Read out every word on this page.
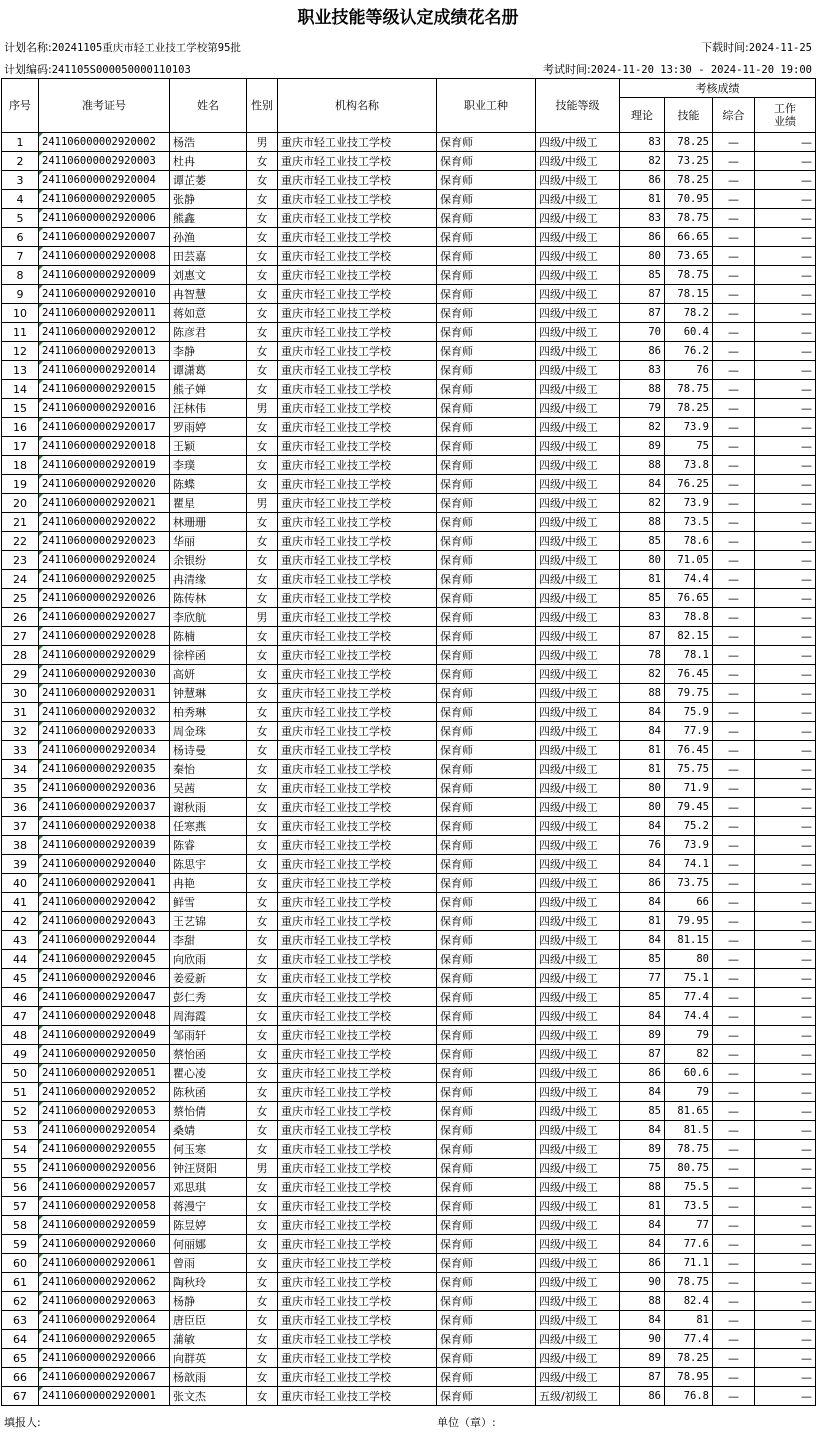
职业技能等级认定成绩花名册
计划名称:20241105重庆市轻工业技工学校第95批	下载时间:2024-11-25
计划编码:241105S000050000110103	考试时间:2024-11-20 13:30 - 2024-11-20 19:00
序号	准考证号	姓名	性别	机构名称	职业工种	技能等级	考核成绩			
							理论	技能	综合	工作
业绩
1	241106000002920002	杨浩	男	重庆市轻工业技工学校	保育师	四级/中级工	83	78.25	—	—
2	241106000002920003	杜冉	女	重庆市轻工业技工学校	保育师	四级/中级工	82	73.25	—	—
3	241106000002920004	谭芷萎	女	重庆市轻工业技工学校	保育师	四级/中级工	86	78.25	—	—
4	241106000002920005	张静	女	重庆市轻工业技工学校	保育师	四级/中级工	81	70.95	—	—
5	241106000002920006	熊鑫	女	重庆市轻工业技工学校	保育师	四级/中级工	83	78.75	—	—
6	241106000002920007	孙渔	女	重庆市轻工业技工学校	保育师	四级/中级工	86	66.65	—	—
7	241106000002920008	田芸嘉	女	重庆市轻工业技工学校	保育师	四级/中级工	80	73.65	—	—
8	241106000002920009	刘惠文	女	重庆市轻工业技工学校	保育师	四级/中级工	85	78.75	—	—
9	241106000002920010	冉智慧	女	重庆市轻工业技工学校	保育师	四级/中级工	87	78.15	—	—
10	241106000002920011	蒋如意	女	重庆市轻工业技工学校	保育师	四级/中级工	87	78.2	—	—
11	241106000002920012	陈彦君	女	重庆市轻工业技工学校	保育师	四级/中级工	70	60.4	—	—
12	241106000002920013	李静	女	重庆市轻工业技工学校	保育师	四级/中级工	86	76.2	—	—
13	241106000002920014	谭潇葛	女	重庆市轻工业技工学校	保育师	四级/中级工	83	76	—	—
14	241106000002920015	熊子婵	女	重庆市轻工业技工学校	保育师	四级/中级工	88	78.75	—	—
15	241106000002920016	汪林伟	男	重庆市轻工业技工学校	保育师	四级/中级工	79	78.25	—	—
16	241106000002920017	罗雨婷	女	重庆市轻工业技工学校	保育师	四级/中级工	82	73.9	—	—
17	241106000002920018	王颖	女	重庆市轻工业技工学校	保育师	四级/中级工	89	75	—	—
18	241106000002920019	李璞	女	重庆市轻工业技工学校	保育师	四级/中级工	88	73.8	—	—
19	241106000002920020	陈蝶	女	重庆市轻工业技工学校	保育师	四级/中级工	84	76.25	—	—
20	241106000002920021	瞿星	男	重庆市轻工业技工学校	保育师	四级/中级工	82	73.9	—	—
21	241106000002920022	林珊珊	女	重庆市轻工业技工学校	保育师	四级/中级工	88	73.5	—	—
22	241106000002920023	华丽	女	重庆市轻工业技工学校	保育师	四级/中级工	85	78.6	—	—
23	241106000002920024	余银纷	女	重庆市轻工业技工学校	保育师	四级/中级工	80	71.05	—	—
24	241106000002920025	冉清缘	女	重庆市轻工业技工学校	保育师	四级/中级工	81	74.4	—	—
25	241106000002920026	陈传林	女	重庆市轻工业技工学校	保育师	四级/中级工	85	76.65	—	—
26	241106000002920027	李欣航	男	重庆市轻工业技工学校	保育师	四级/中级工	83	78.8	—	—
27	241106000002920028	陈楠	女	重庆市轻工业技工学校	保育师	四级/中级工	87	82.15	—	—
28	241106000002920029	徐梓函	女	重庆市轻工业技工学校	保育师	四级/中级工	78	78.1	—	—
29	241106000002920030	高妍	女	重庆市轻工业技工学校	保育师	四级/中级工	82	76.45	—	—
30	241106000002920031	钟慧琳	女	重庆市轻工业技工学校	保育师	四级/中级工	88	79.75	—	—
31	241106000002920032	柏秀琳	女	重庆市轻工业技工学校	保育师	四级/中级工	84	75.9	—	—
32	241106000002920033	周金珠	女	重庆市轻工业技工学校	保育师	四级/中级工	84	77.9	—	—
33	241106000002920034	杨诗曼	女	重庆市轻工业技工学校	保育师	四级/中级工	81	76.45	—	—
34	241106000002920035	秦怡	女	重庆市轻工业技工学校	保育师	四级/中级工	81	75.75	—	—
35	241106000002920036	吴茜	女	重庆市轻工业技工学校	保育师	四级/中级工	80	71.9	—	—
36	241106000002920037	谢秋雨	女	重庆市轻工业技工学校	保育师	四级/中级工	80	79.45	—	—
37	241106000002920038	任寒燕	女	重庆市轻工业技工学校	保育师	四级/中级工	84	75.2	—	—
38	241106000002920039	陈睿	女	重庆市轻工业技工学校	保育师	四级/中级工	76	73.9	—	—
39	241106000002920040	陈思宇	女	重庆市轻工业技工学校	保育师	四级/中级工	84	74.1	—	—
40	241106000002920041	冉艳	女	重庆市轻工业技工学校	保育师	四级/中级工	86	73.75	—	—
41	241106000002920042	鲜雪	女	重庆市轻工业技工学校	保育师	四级/中级工	84	66	—	—
42	241106000002920043	王艺锦	女	重庆市轻工业技工学校	保育师	四级/中级工	81	79.95	—	—
43	241106000002920044	李甜	女	重庆市轻工业技工学校	保育师	四级/中级工	84	81.15	—	—
44	241106000002920045	向欣雨	女	重庆市轻工业技工学校	保育师	四级/中级工	85	80	—	—
45	241106000002920046	姜爱新	女	重庆市轻工业技工学校	保育师	四级/中级工	77	75.1	—	—
46	241106000002920047	彭仁秀	女	重庆市轻工业技工学校	保育师	四级/中级工	85	77.4	—	—
47	241106000002920048	周海霞	女	重庆市轻工业技工学校	保育师	四级/中级工	84	74.4	—	—
48	241106000002920049	邹雨轩	女	重庆市轻工业技工学校	保育师	四级/中级工	89	79	—	—
49	241106000002920050	蔡怡函	女	重庆市轻工业技工学校	保育师	四级/中级工	87	82	—	—
50	241106000002920051	瞿心凌	女	重庆市轻工业技工学校	保育师	四级/中级工	86	60.6	—	—
51	241106000002920052	陈秋函	女	重庆市轻工业技工学校	保育师	四级/中级工	84	79	—	—
52	241106000002920053	蔡怡倩	女	重庆市轻工业技工学校	保育师	四级/中级工	85	81.65	—	—
53	241106000002920054	桑婧	女	重庆市轻工业技工学校	保育师	四级/中级工	84	81.5	—	—
54	241106000002920055	何玉寒	女	重庆市轻工业技工学校	保育师	四级/中级工	89	78.75	—	—
55	241106000002920056	钟汪贤阳	男	重庆市轻工业技工学校	保育师	四级/中级工	75	80.75	—	—
56	241106000002920057	邓思琪	女	重庆市轻工业技工学校	保育师	四级/中级工	88	75.5	—	—
57	241106000002920058	蒋漫宁	女	重庆市轻工业技工学校	保育师	四级/中级工	81	73.5	—	—
58	241106000002920059	陈昱婷	女	重庆市轻工业技工学校	保育师	四级/中级工	84	77	—	—
59	241106000002920060	何丽娜	女	重庆市轻工业技工学校	保育师	四级/中级工	84	77.6	—	—
60	241106000002920061	曾雨	女	重庆市轻工业技工学校	保育师	四级/中级工	86	71.1	—	—
61	241106000002920062	陶秋玲	女	重庆市轻工业技工学校	保育师	四级/中级工	90	78.75	—	—
62	241106000002920063	杨静	女	重庆市轻工业技工学校	保育师	四级/中级工	88	82.4	—	—
63	241106000002920064	唐臣臣	女	重庆市轻工业技工学校	保育师	四级/中级工	84	81	—	—
64	241106000002920065	蒲敏	女	重庆市轻工业技工学校	保育师	四级/中级工	90	77.4	—	—
65	241106000002920066	向群英	女	重庆市轻工业技工学校	保育师	四级/中级工	89	78.25	—	—
66	241106000002920067	杨歆雨	女	重庆市轻工业技工学校	保育师	四级/中级工	87	78.95	—	—
67	241106000002920001	张文杰	女	重庆市轻工业技工学校	保育师	五级/初级工	86	76.8	—	—
填报人:	单位（章）:
